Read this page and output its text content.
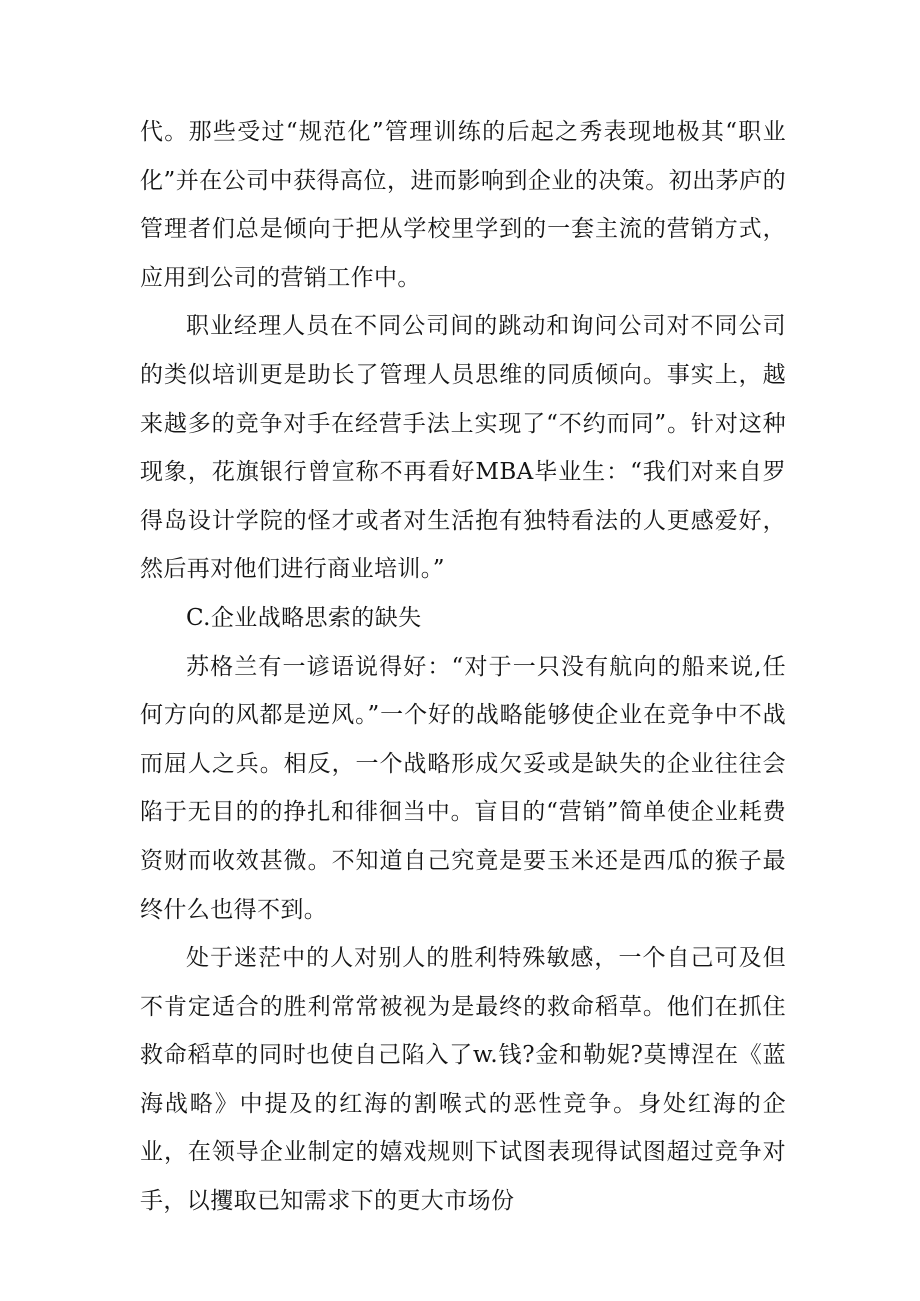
代。那些受过“规范化”管理训练的后起之秀表现地极其“职业化”并在公司中获得高位，进而影响到企业的决策。初出茅庐的管理者们总是倾向于把从学校里学到的一套主流的营销方式，应用到公司的营销工作中。

职业经理人员在不同公司间的跳动和询问公司对不同公司的类似培训更是助长了管理人员思维的同质倾向。事实上，越来越多的竞争对手在经营手法上实现了“不约而同”。针对这种现象，花旗银行曾宣称不再看好MBA毕业生：“我们对来自罗得岛设计学院的怪才或者对生活抱有独特看法的人更感爱好，然后再对他们进行商业培训。”

C.企业战略思索的缺失

苏格兰有一谚语说得好：“对于一只没有航向的船来说,任何方向的风都是逆风。”一个好的战略能够使企业在竞争中不战而屈人之兵。相反，一个战略形成欠妥或是缺失的企业往往会陷于无目的的挣扎和徘徊当中。盲目的“营销”简单使企业耗费资财而收效甚微。不知道自己究竟是要玉米还是西瓜的猴子最终什么也得不到。

处于迷茫中的人对别人的胜利特殊敏感，一个自己可及但不肯定适合的胜利常常被视为是最终的救命稻草。他们在抓住救命稻草的同时也使自己陷入了w.钱?金和勒妮?莫博涅在《蓝海战略》中提及的红海的割喉式的恶性竞争。身处红海的企业，在领导企业制定的嬉戏规则下试图表现得试图超过竞争对手，以攫取已知需求下的更大市场份
